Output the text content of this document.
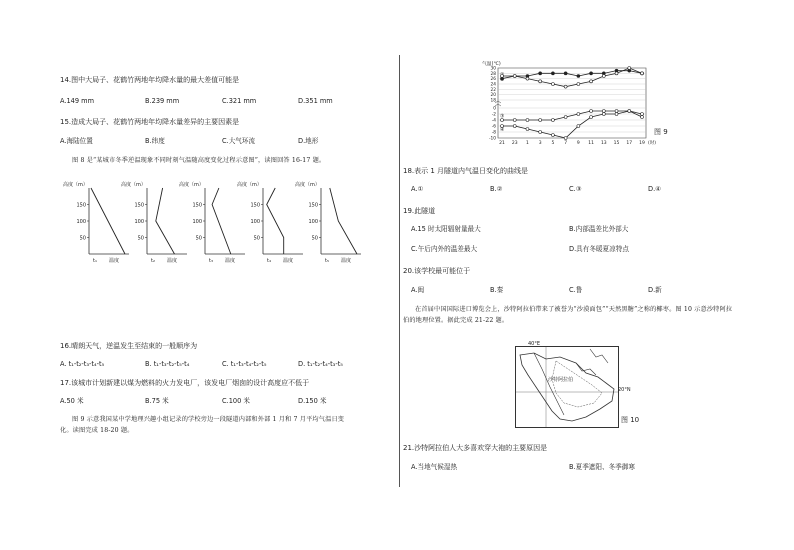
14.图中大局子、花鹤竹两地年均降水量的最大差值可能是
A.149 mm	B.239 mm	C.321 mm	D.351 mm
15.造成大局子、花鹤竹两地年均降水量差异的主要因素是
A.海陆位置	B.纬度	C.大气环流	D.地形
图 8 是“某城市冬季逆温现象不同时刻气温随高度变化过程示意图”，读图回答 16-17 题。
高度（m）
150
100
50
t₁ 温度
高度（m）
150
100
50
t₂ 温度
高度（m）
150
100
50
t₃ 温度
高度（m）
150
100
50
t₄ 温度
高度（m）
150
100
50
t₅ 温度
16.晴朗天气，逆温发生至结束的一般顺序为
A. t₁-t₂-t₃-t₄-t₅	B. t₁-t₃-t₂-t₅-t₄	C. t₁-t₃-t₄-t₂-t₅	D. t₁-t₂-t₄-t₃-t₅
17.该城市计划新建以煤为燃料的火力发电厂，该发电厂烟囱的设计高度应不低于
A.50 米	B.75 米	C.100 米	D.150 米
图 9 示意我国某中学地理兴趣小组记录的学校旁边一段隧道内部和外部 1 月和 7 月平均气温日变化。读图完成 18-20 题。
气温(℃)
30
28
26
24
22
20
18
0
-2
-4
-6
-8
-10
21 23 1 3 5 7 9 11 13 15 17 19 (时)
②
③
④	图 9
18.表示 1 月隧道内气温日变化的曲线是
A.①	B.②	C.③	D.④
19.此隧道
A.15 时太阳辐射量最大	B.内部温差比外部大
C.午后内外的温差最大	D.具有冬暖夏凉特点
20.该学校最可能位于
A.闽	B.秦	C.鲁	D.新
在首届中国国际进口博览会上，沙特阿拉伯带来了被誉为“沙漠面包”“天然黑糖”之称的椰枣。图 10 示意沙特阿拉伯的地理位置。据此完成 21-22 题。
40°E
20°N
沙特阿拉伯
图 10
21.沙特阿拉伯人大多喜欢穿大袍的主要原因是
A.当地气候湿热	B.夏季遮阳、冬季御寒
